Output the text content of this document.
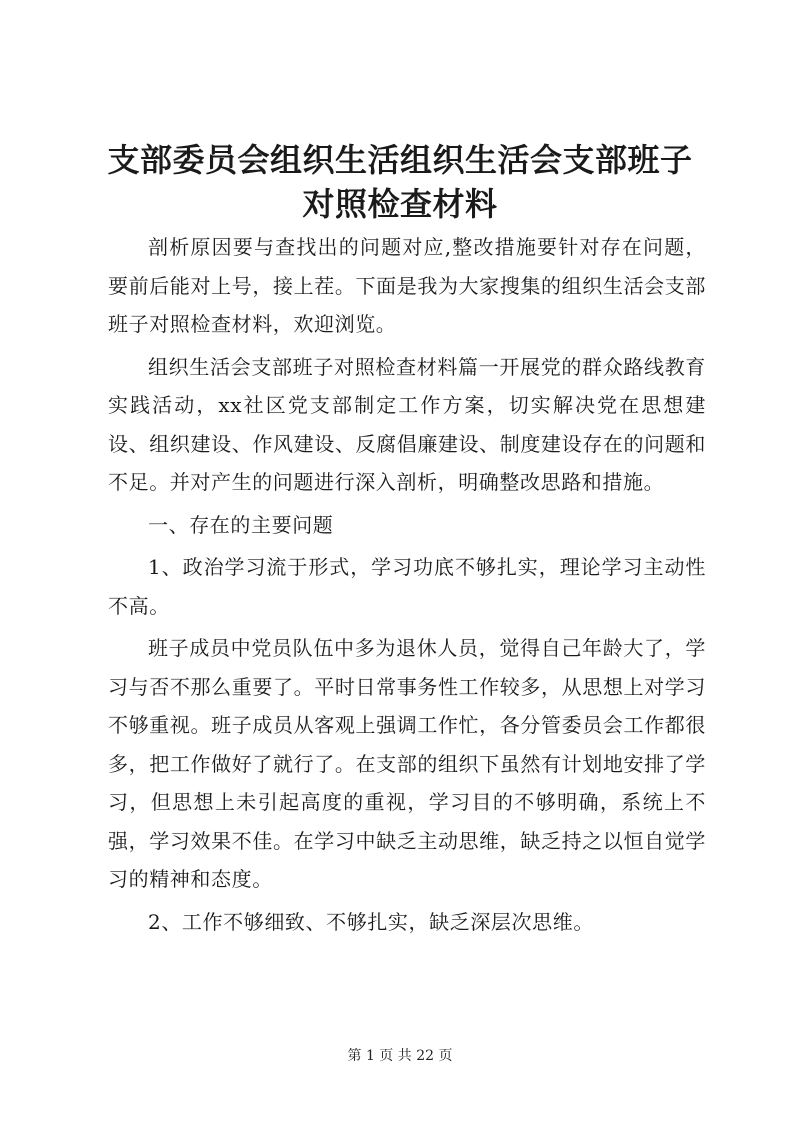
支部委员会组织生活组织生活会支部班子对照检查材料

剖析原因要与查找出的问题对应,整改措施要针对存在问题，要前后能对上号，接上茬。下面是我为大家搜集的组织生活会支部班子对照检查材料，欢迎浏览。

组织生活会支部班子对照检查材料篇一开展党的群众路线教育实践活动，xx社区党支部制定工作方案，切实解决党在思想建设、组织建设、作风建设、反腐倡廉建设、制度建设存在的问题和不足。并对产生的问题进行深入剖析，明确整改思路和措施。

一、存在的主要问题

1、政治学习流于形式，学习功底不够扎实，理论学习主动性不高。

班子成员中党员队伍中多为退休人员，觉得自己年龄大了，学习与否不那么重要了。平时日常事务性工作较多，从思想上对学习不够重视。班子成员从客观上强调工作忙，各分管委员会工作都很多，把工作做好了就行了。在支部的组织下虽然有计划地安排了学习，但思想上未引起高度的重视，学习目的不够明确，系统上不强，学习效果不佳。在学习中缺乏主动思维，缺乏持之以恒自觉学习的精神和态度。

2、工作不够细致、不够扎实，缺乏深层次思维。

第 1 页 共 22 页
